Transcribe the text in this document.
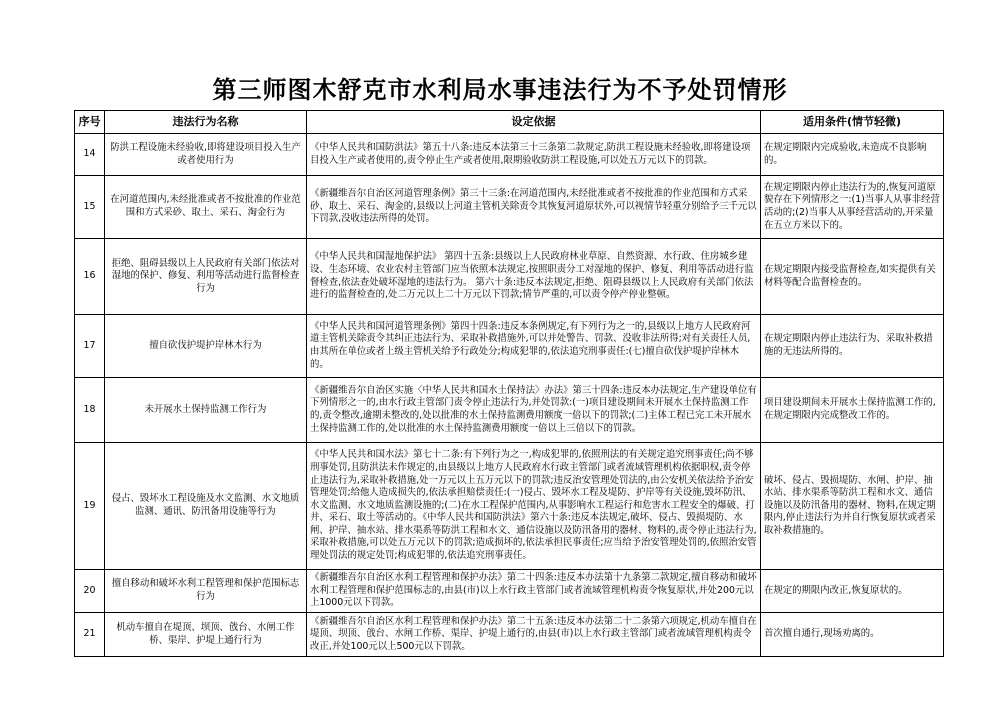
第三师图木舒克市水利局水事违法行为不予处罚情形
序号	违法行为名称	设定依据	适用条件(情节轻微)
14	防洪工程设施未经验收,即将建设项目投入生产或者使用行为	《中华人民共和国防洪法》第五十八条:违反本法第三十三条第二款规定,防洪工程设施未经验收,即将建设项目投入生产或者使用的,责令停止生产或者使用,限期验收防洪工程设施,可以处五万元以下的罚款。	在规定期限内完成验收,未造成不良影响的。
15	在河道范围内,未经批准或者不按批准的作业范围和方式采砂、取土、采石、淘金行为	《新疆维吾尔自治区河道管理条例》第三十三条:在河道范围内,未经批准或者不按批准的作业范围和方式采砂、取土、采石、淘金的,县级以上河道主管机关除责令其恢复河道原状外,可以视情节轻重分别给予三千元以下罚款,没收违法所得的处罚。	在规定期限内停止违法行为的,恢复河道原貌存在下列情形之一:(1)当事人从事非经营活动的;(2)当事人从事经营活动的,开采量在五立方米以下的。
16	拒绝、阻碍县级以上人民政府有关部门依法对湿地的保护、修复、利用等活动进行监督检查行为	《中华人民共和国湿地保护法》 第四十五条:县级以上人民政府林业草原、自然资源、水行政、住房城乡建设、生态环境、农业农村主管部门应当依照本法规定,按照职责分工对湿地的保护、修复、利用等活动进行监督检查,依法查处破坏湿地的违法行为。 第六十条:违反本法规定,拒绝、阻碍县级以上人民政府有关部门依法进行的监督检查的,处二万元以上二十万元以下罚款;情节严重的,可以责令停产停业整顿。	在规定期限内接受监督检查,如实提供有关材料等配合监督检查的。
17	擅自砍伐护堤护岸林木行为	《中华人民共和国河道管理条例》第四十四条:违反本条例规定,有下列行为之一的,县级以上地方人民政府河道主管机关除责令其纠正违法行为、采取补救措施外,可以并处警告、罚款、没收非法所得;对有关责任人员,由其所在单位或者上级主管机关给予行政处分;构成犯罪的,依法追究刑事责任:(七)擅自砍伐护堤护岸林木的。	在规定期限内停止违法行为、采取补救措施的无违法所得的。
18	未开展水土保持监测工作行为	《新疆维吾尔自治区实施〈中华人民共和国水土保持法〉办法》第三十四条:违反本办法规定,生产建设单位有下列情形之一的,由水行政主管部门责令停止违法行为,并处罚款:(一)项目建设期间未开展水土保持监测工作的,责令整改,逾期未整改的,处以批准的水土保持监测费用额度一倍以下的罚款;(二)主体工程已完工未开展水土保持监测工作的,处以批准的水土保持监测费用额度一倍以上三倍以下的罚款。	项目建设期间未开展水土保持监测工作的,在规定期限内完成整改工作的。
19	侵占、毁坏水工程设施及水文监测、水文地质监测、通讯、防汛备用设施等行为	《中华人民共和国水法》第七十二条:有下列行为之一,构成犯罪的,依照刑法的有关规定追究刑事责任;尚不够刑事处罚,且防洪法未作规定的,由县级以上地方人民政府水行政主管部门或者流域管理机构依据职权,责令停止违法行为,采取补救措施,处一万元以上五万元以下的罚款;违反治安管理处罚法的,由公安机关依法给予治安管理处罚;给他人造成损失的,依法承担赔偿责任:(一)侵占、毁坏水工程及堤防、护岸等有关设施,毁坏防汛、水文监测、水文地质监测设施的;(二)在水工程保护范围内,从事影响水工程运行和危害水工程安全的爆破、打井、采石、取土等活动的。《中华人民共和国防洪法》第六十条:违反本法规定,破坏、侵占、毁损堤防、水闸、护岸、抽水站、排水渠系等防洪工程和水文、通信设施以及防汛备用的器材、物料的,责令停止违法行为,采取补救措施,可以处五万元以下的罚款;造成损坏的,依法承担民事责任;应当给予治安管理处罚的,依照治安管理处罚法的规定处罚;构成犯罪的,依法追究刑事责任。	破坏、侵占、毁损堤防、水闸、护岸、抽水站、排水渠系等防洪工程和水文、通信设施以及防汛备用的器材、物料,在规定期限内,停止违法行为并自行恢复原状或者采取补救措施的。
20	擅自移动和破坏水利工程管理和保护范围标志行为	《新疆维吾尔自治区水利工程管理和保护办法》第二十四条:违反本办法第十九条第二款规定,擅自移动和破坏水利工程管理和保护范围标志的,由县(市)以上水行政主管部门或者流域管理机构责令恢复原状,并处200元以上1000元以下罚款。	在规定的期限内改正,恢复原状的。
21	机动车擅自在堤顶、坝顶、戗台、水闸工作桥、渠岸、护堤上通行行为	《新疆维吾尔自治区水利工程管理和保护办法》第二十五条:违反本办法第二十二条第六项规定,机动车擅自在堤顶、坝顶、戗台、水闸工作桥、渠岸、护堤上通行的,由县(市)以上水行政主管部门或者流域管理机构责令改正,并处100元以上500元以下罚款。	首次擅自通行,现场劝离的。
